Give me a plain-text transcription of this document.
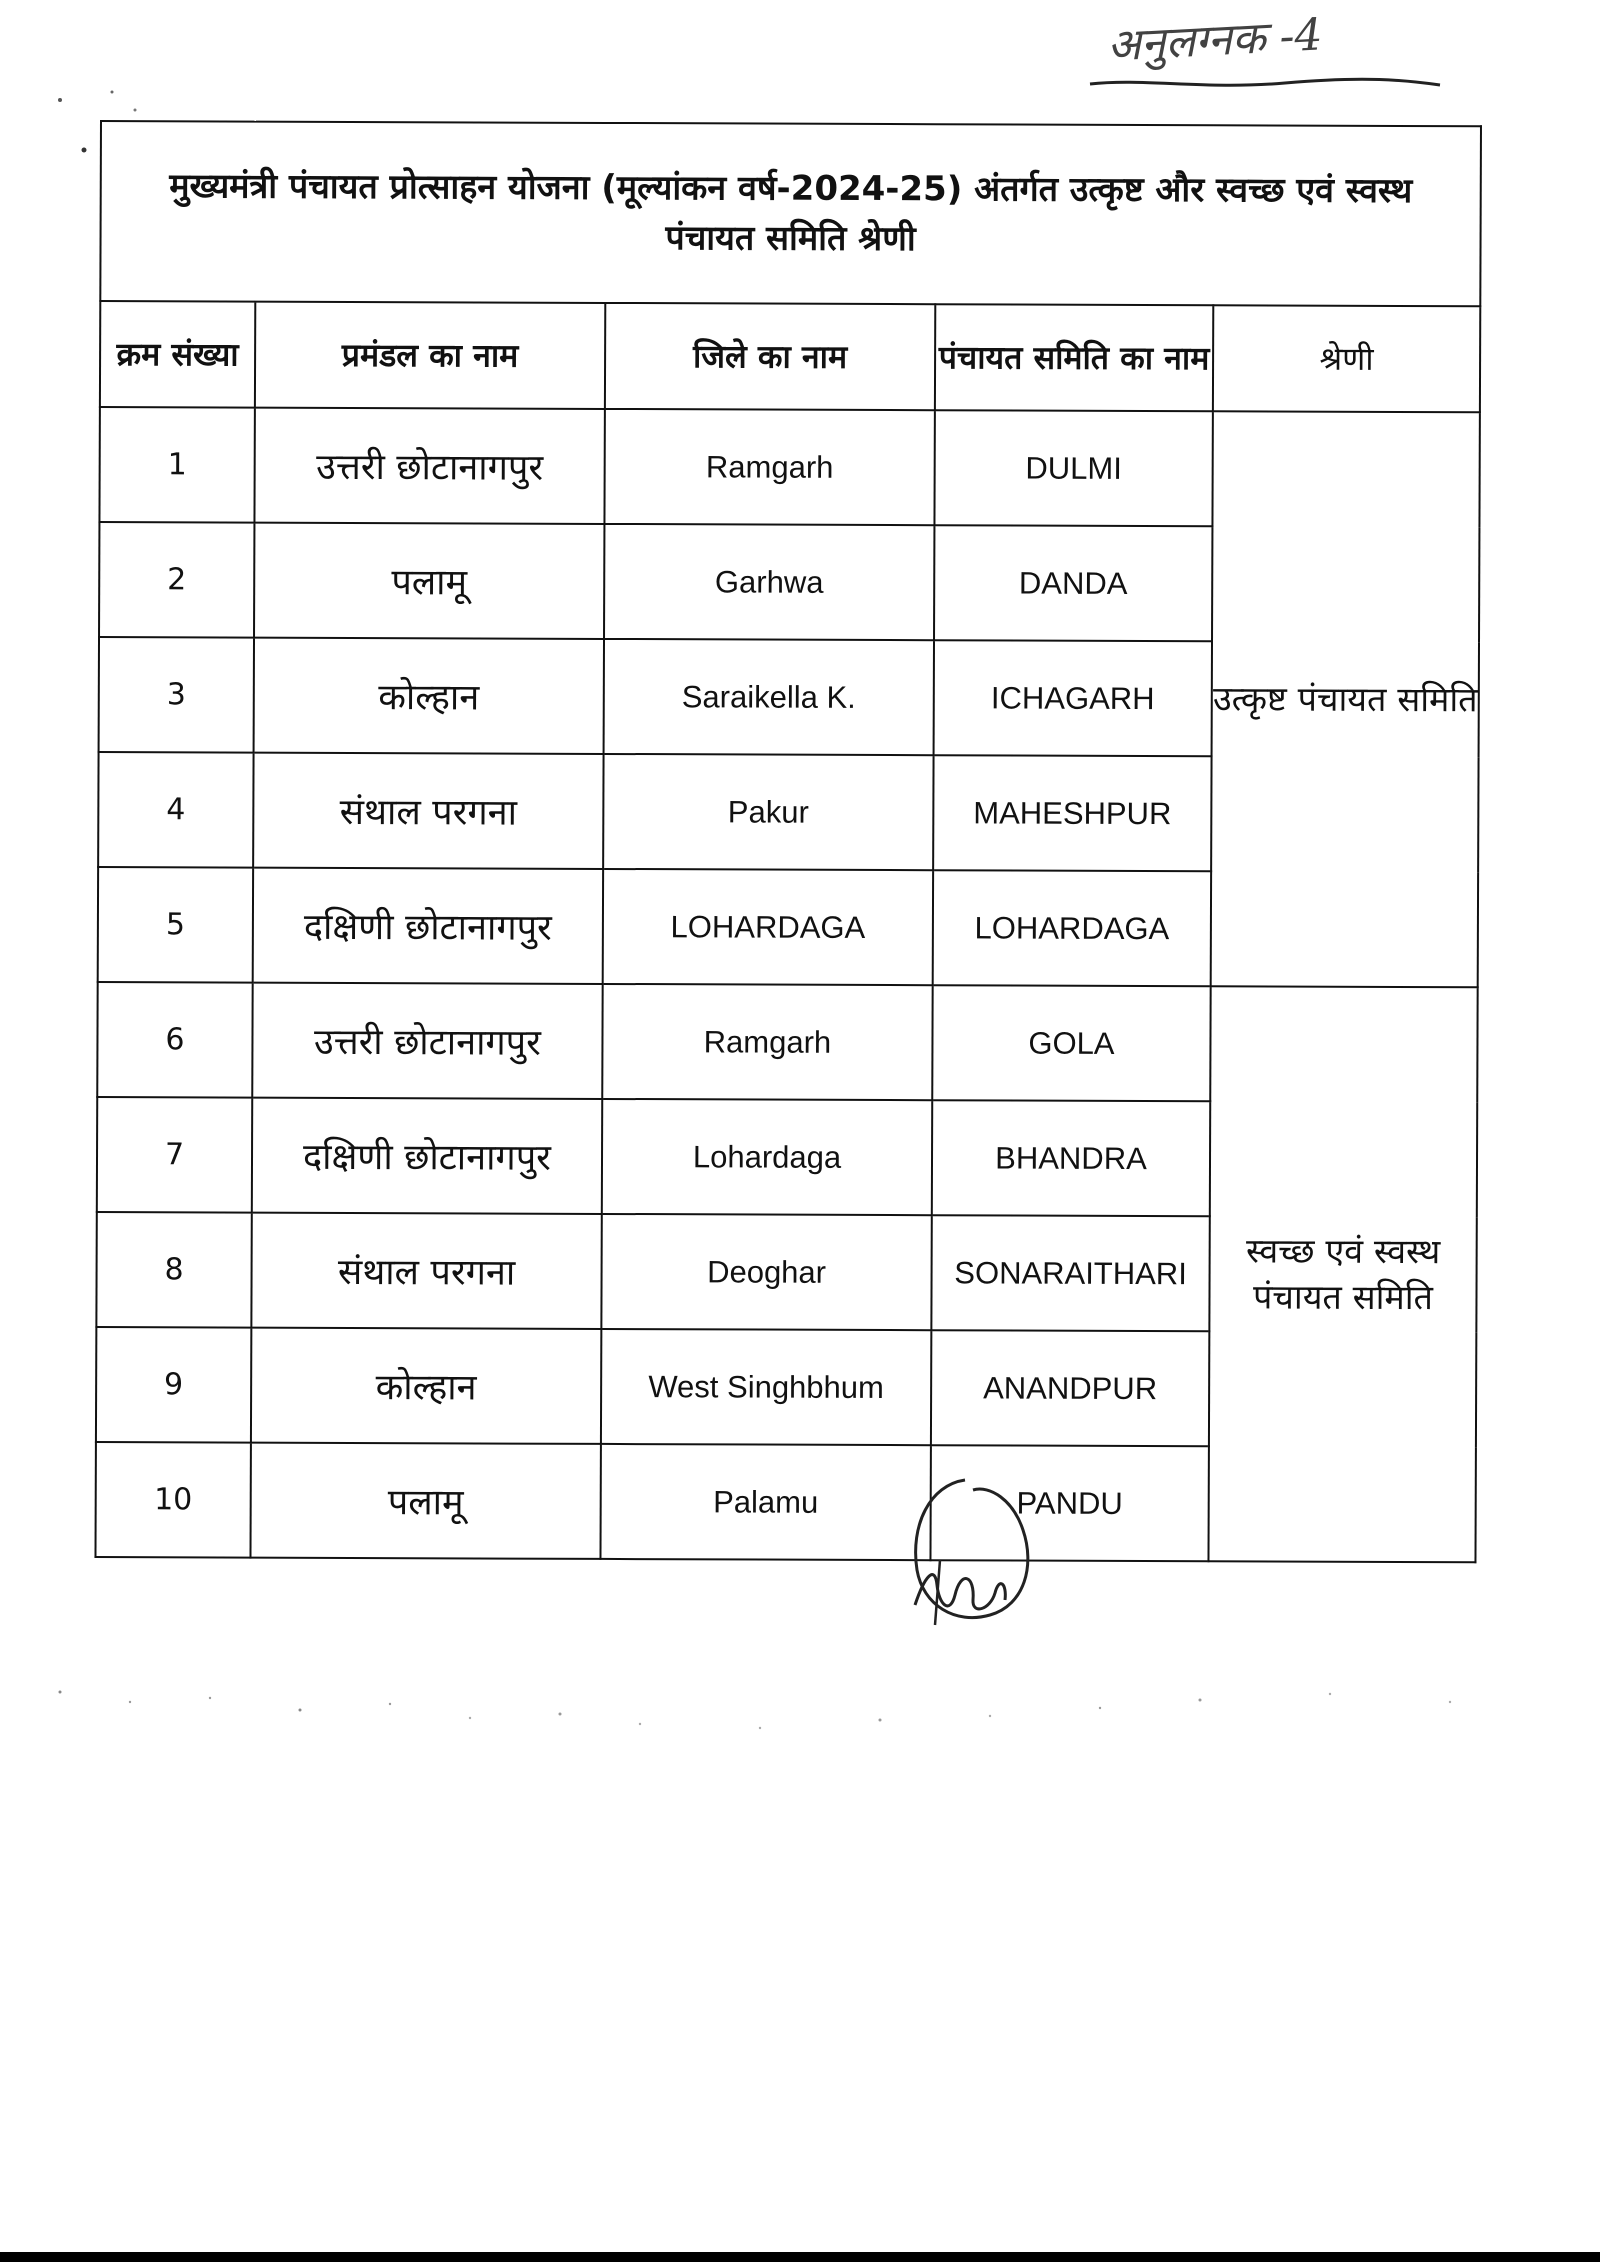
अनुलग्नक -4
मुख्यमंत्री पंचायत प्रोत्साहन योजना (मूल्यांकन वर्ष-2024-25) अंतर्गत उत्कृष्ट और स्वच्छ एवं स्वस्थ पंचायत समिति श्रेणी				
क्रम संख्या	प्रमंडल का नाम	जिले का नाम	पंचायत समिति का नाम	श्रेणी
1	उत्तरी छोटानागपुर	Ramgarh	DULMI	उत्कृष्ट पंचायत समिति
2	पलामू	Garhwa	DANDA	
3	कोल्हान	Saraikella K.	ICHAGARH	
4	संथाल परगना	Pakur	MAHESHPUR	
5	दक्षिणी छोटानागपुर	LOHARDAGA	LOHARDAGA	
6	उत्तरी छोटानागपुर	Ramgarh	GOLA	स्वच्छ एवं स्वस्थ पंचायत समिति
7	दक्षिणी छोटानागपुर	Lohardaga	BHANDRA	
8	संथाल परगना	Deoghar	SONARAITHARI	
9	कोल्हान	West Singhbhum	ANANDPUR	
10	पलामू	Palamu	PANDU	
